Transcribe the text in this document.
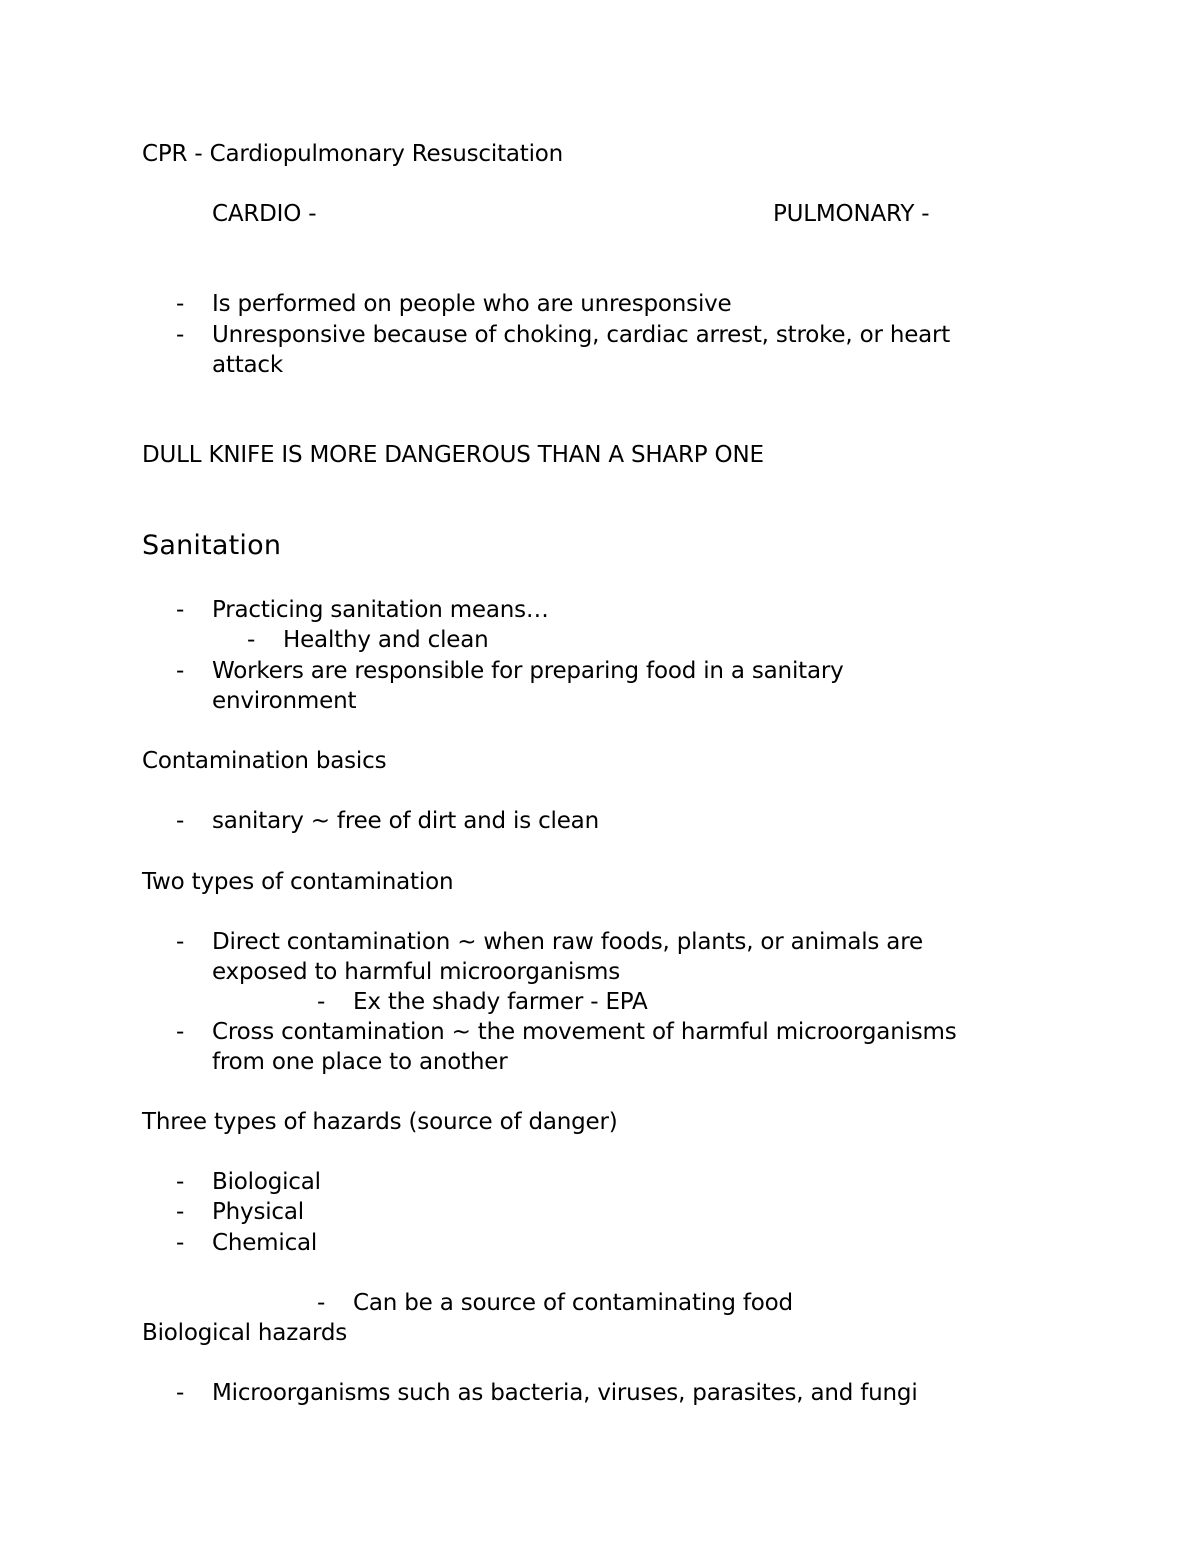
CPR - Cardiopulmonary Resuscitation
CARDIO -	PULMONARY -
- Is performed on people who are unresponsive
- Unresponsive because of choking, cardiac arrest, stroke, or heart
attack
DULL KNIFE IS MORE DANGEROUS THAN A SHARP ONE
Sanitation
- Practicing sanitation means…
- Healthy and clean
- Workers are responsible for preparing food in a sanitary
environment
Contamination basics
- sanitary ~ free of dirt and is clean
Two types of contamination
- Direct contamination ~ when raw foods, plants, or animals are
exposed to harmful microorganisms
- Ex the shady farmer - EPA
- Cross contamination ~ the movement of harmful microorganisms
from one place to another
Three types of hazards (source of danger)
- Biological
- Physical
- Chemical
- Can be a source of contaminating food
Biological hazards
- Microorganisms such as bacteria, viruses, parasites, and fungi
